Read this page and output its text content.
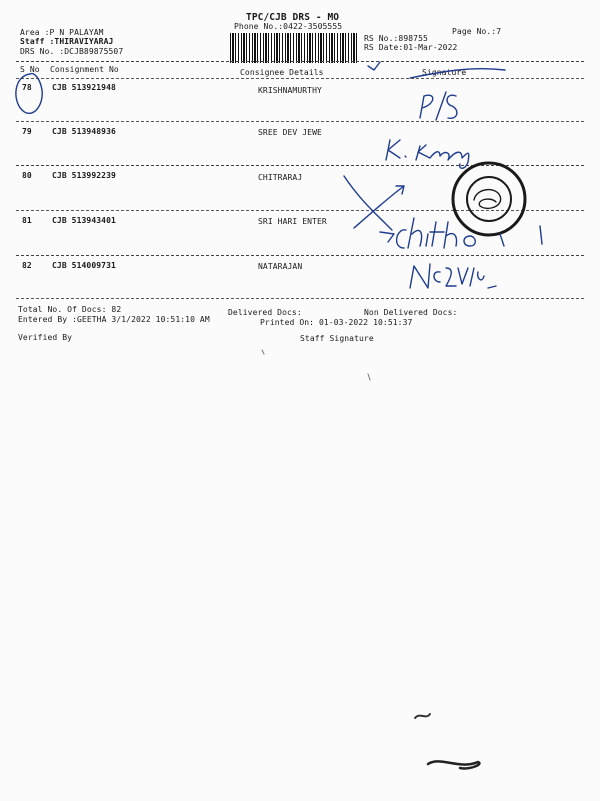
TPC/CJB DRS - MO
Phone No.:0422-3505555
Page No.:7
Area :P N PALAYAM
Staff :THIRAVIYARAJ
DRS No. :DCJB89875507
RS No.:898755
RS Date:01-Mar-2022
S No Consignment No	Consignee Details	Signature
78	CJB 513921948	KRISHNAMURTHY
79	CJB 513948936	SREE DEV JEWE
80	CJB 513992239	CHITRARAJ
81	CJB 513943401	SRI HARI ENTER
82	CJB 514009731	NATARAJAN
Total No. Of Docs: 82	Delivered Docs:	Non Delivered Docs:
Entered By :GEETHA 3/1/2022 10:51:10 AM	Printed On: 01-03-2022 10:51:37
Verified By	Staff Signature
